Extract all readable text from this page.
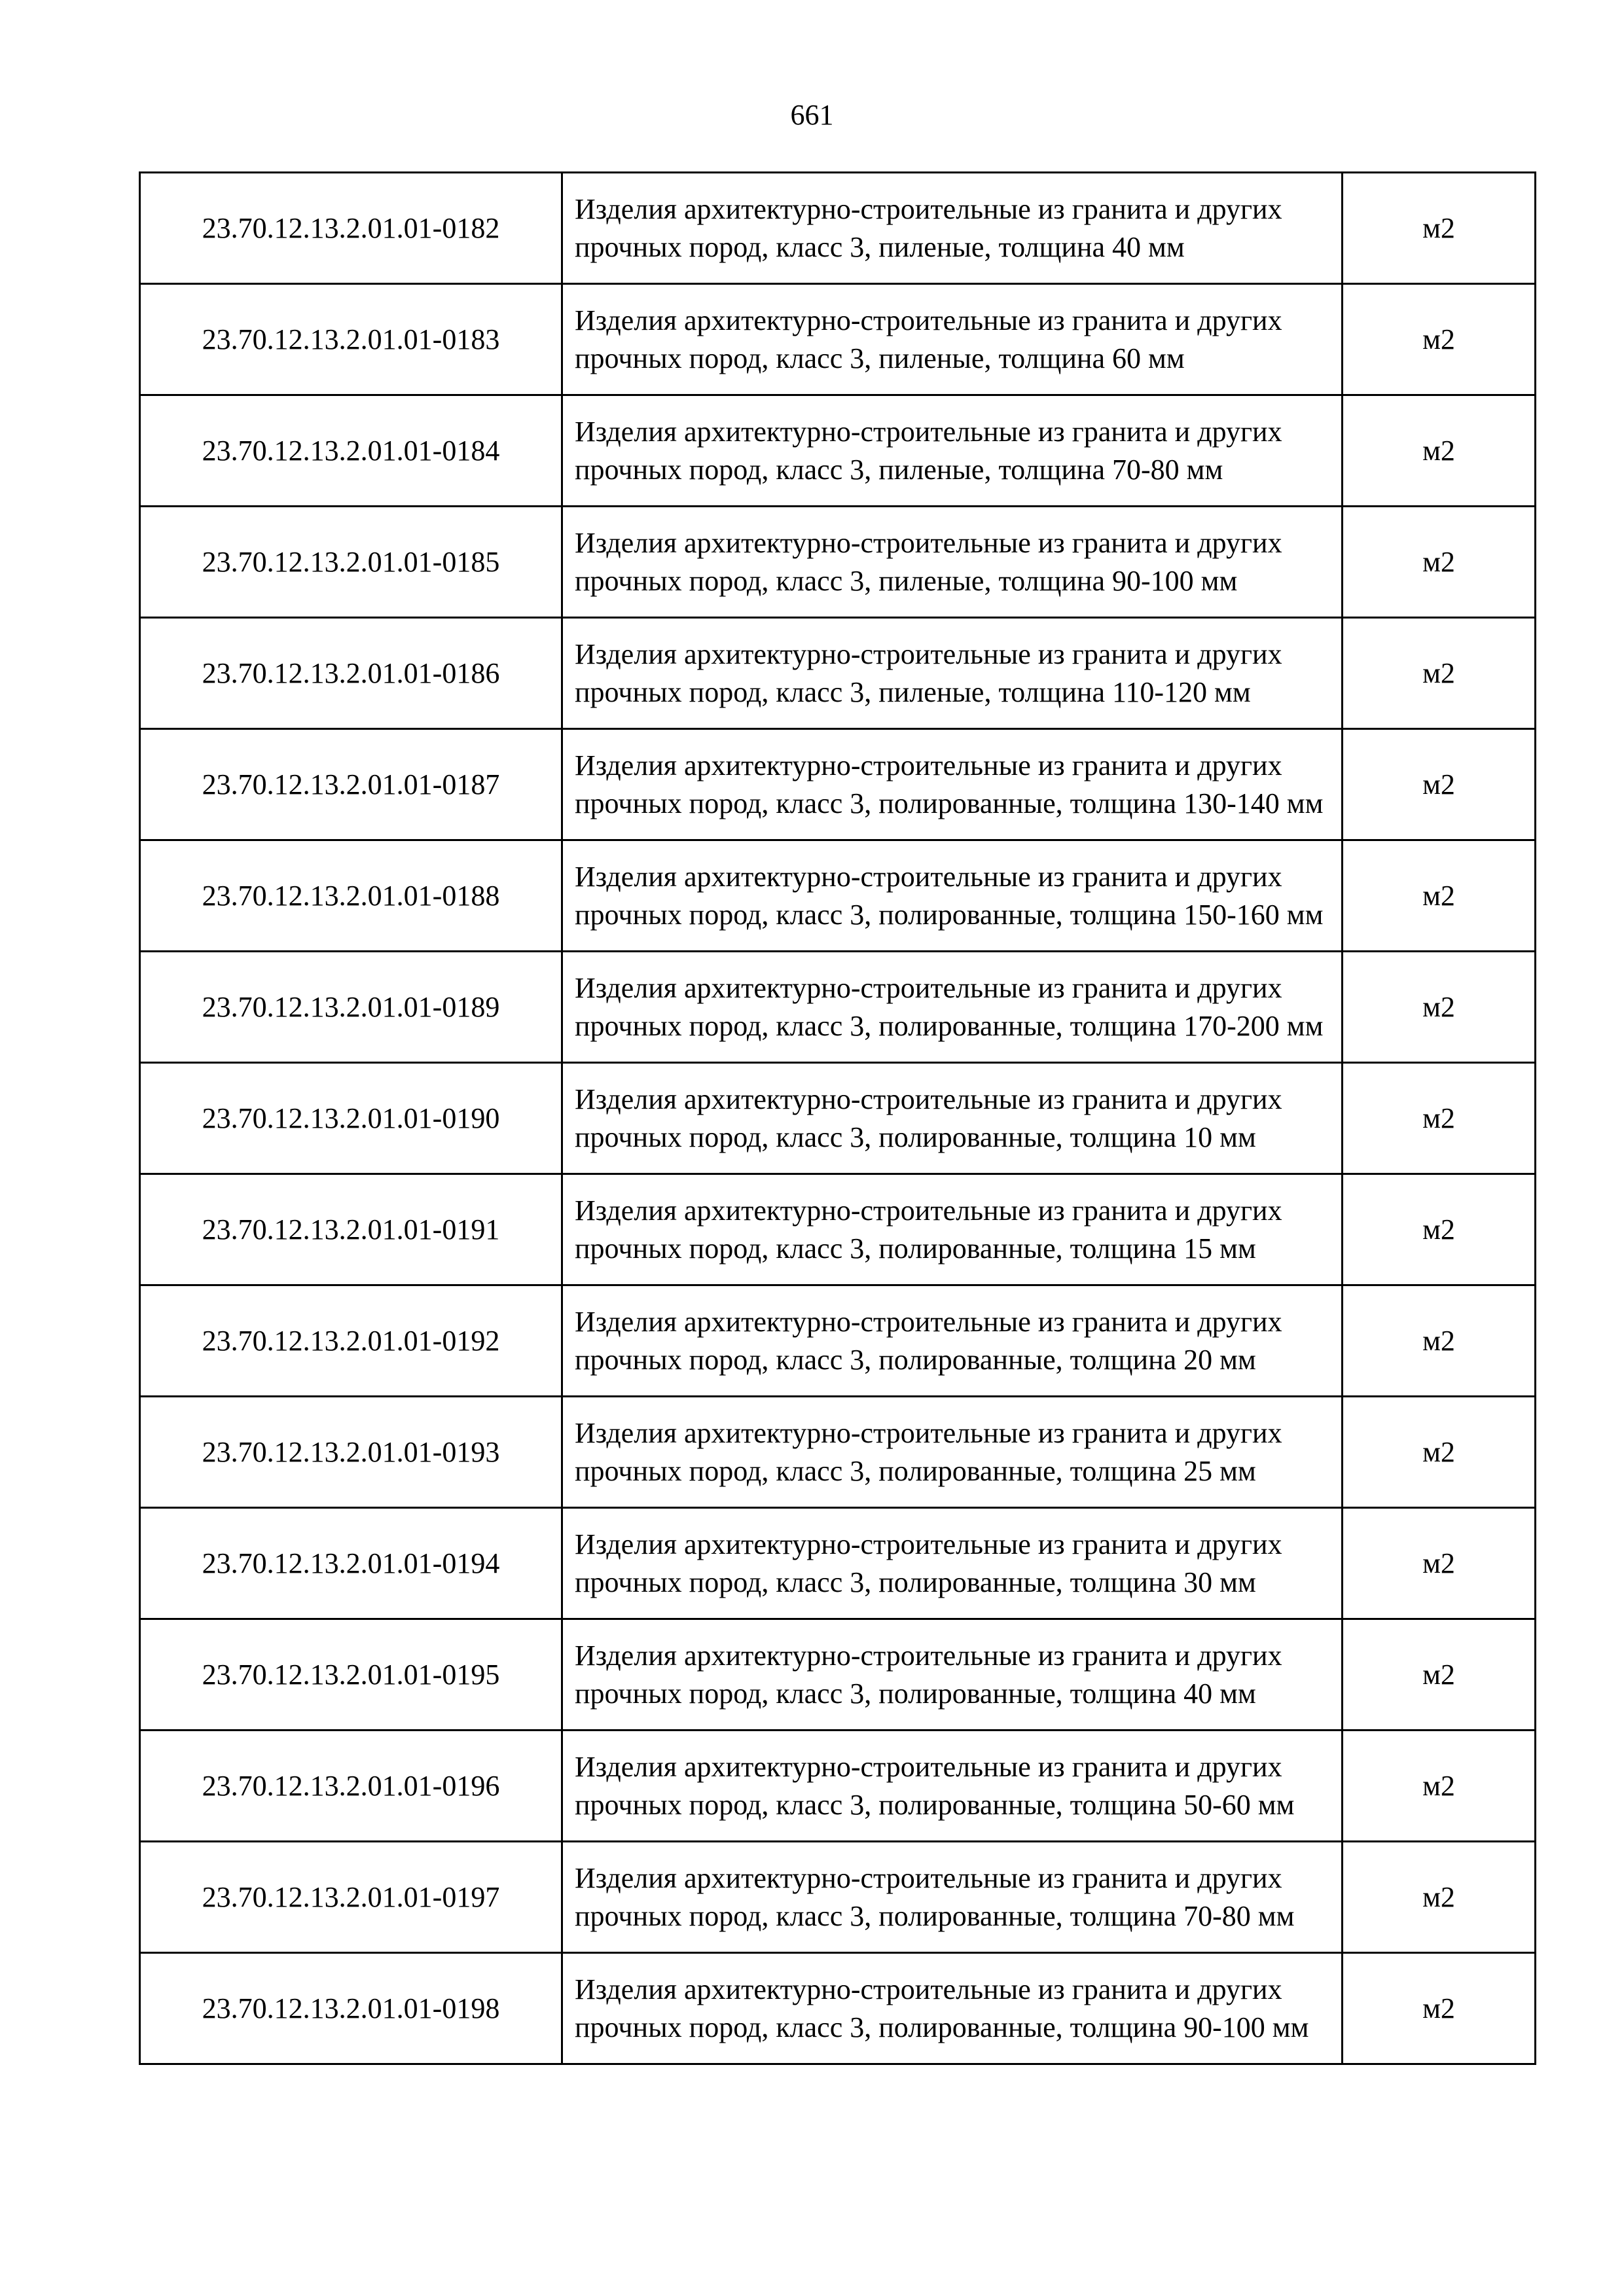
661
23.70.12.13.2.01.01-0182	Изделия архитектурно-строительные из гранита и других прочных пород, класс 3, пиленые, толщина 40 мм	м2
23.70.12.13.2.01.01-0183	Изделия архитектурно-строительные из гранита и других прочных пород, класс 3, пиленые, толщина 60 мм	м2
23.70.12.13.2.01.01-0184	Изделия архитектурно-строительные из гранита и других прочных пород, класс 3, пиленые, толщина 70-80 мм	м2
23.70.12.13.2.01.01-0185	Изделия архитектурно-строительные из гранита и других прочных пород, класс 3, пиленые, толщина 90-100 мм	м2
23.70.12.13.2.01.01-0186	Изделия архитектурно-строительные из гранита и других прочных пород, класс 3, пиленые, толщина 110-120 мм	м2
23.70.12.13.2.01.01-0187	Изделия архитектурно-строительные из гранита и других прочных пород, класс 3, полированные, толщина 130-140 мм	м2
23.70.12.13.2.01.01-0188	Изделия архитектурно-строительные из гранита и других прочных пород, класс 3, полированные, толщина 150-160 мм	м2
23.70.12.13.2.01.01-0189	Изделия архитектурно-строительные из гранита и других прочных пород, класс 3, полированные, толщина 170-200 мм	м2
23.70.12.13.2.01.01-0190	Изделия архитектурно-строительные из гранита и других прочных пород, класс 3, полированные, толщина 10 мм	м2
23.70.12.13.2.01.01-0191	Изделия архитектурно-строительные из гранита и других прочных пород, класс 3, полированные, толщина 15 мм	м2
23.70.12.13.2.01.01-0192	Изделия архитектурно-строительные из гранита и других прочных пород, класс 3, полированные, толщина 20 мм	м2
23.70.12.13.2.01.01-0193	Изделия архитектурно-строительные из гранита и других прочных пород, класс 3, полированные, толщина 25 мм	м2
23.70.12.13.2.01.01-0194	Изделия архитектурно-строительные из гранита и других прочных пород, класс 3, полированные, толщина 30 мм	м2
23.70.12.13.2.01.01-0195	Изделия архитектурно-строительные из гранита и других прочных пород, класс 3, полированные, толщина 40 мм	м2
23.70.12.13.2.01.01-0196	Изделия архитектурно-строительные из гранита и других прочных пород, класс 3, полированные, толщина 50-60 мм	м2
23.70.12.13.2.01.01-0197	Изделия архитектурно-строительные из гранита и других прочных пород, класс 3, полированные, толщина 70-80 мм	м2
23.70.12.13.2.01.01-0198	Изделия архитектурно-строительные из гранита и других прочных пород, класс 3, полированные, толщина 90-100 мм	м2
